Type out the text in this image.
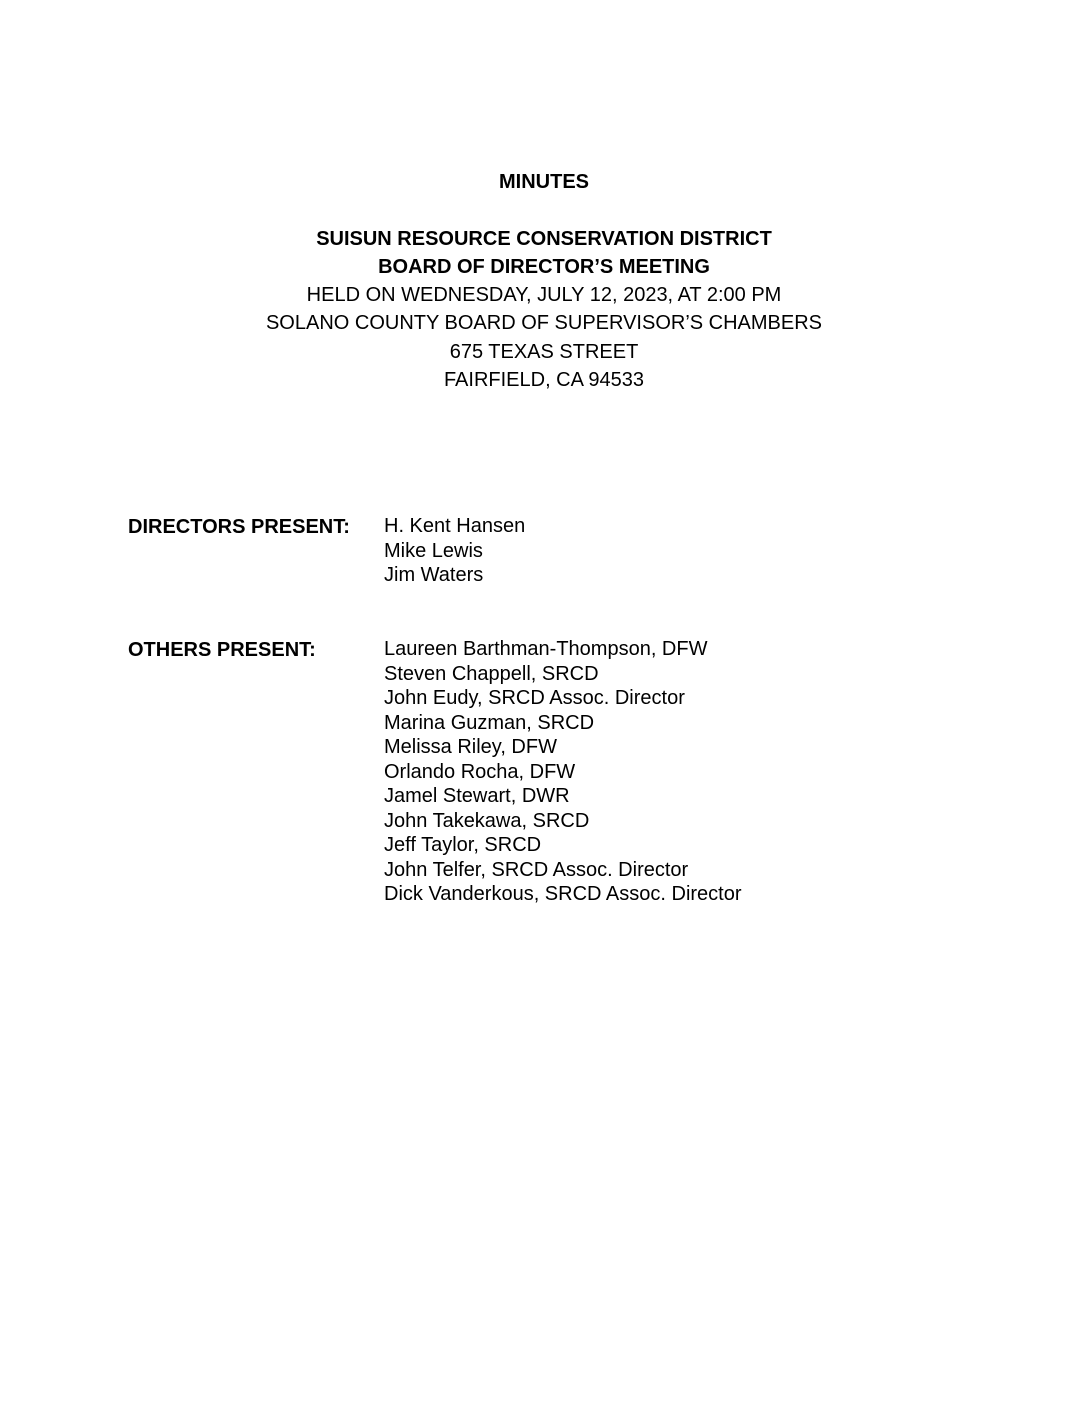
MINUTES
SUISUN RESOURCE CONSERVATION DISTRICT
BOARD OF DIRECTOR’S MEETING
HELD ON WEDNESDAY, JULY 12, 2023, AT 2:00 PM
SOLANO COUNTY BOARD OF SUPERVISOR’S CHAMBERS
675 TEXAS STREET
FAIRFIELD, CA 94533
DIRECTORS PRESENT: H. Kent Hansen
Mike Lewis
Jim Waters
OTHERS PRESENT:	Laureen Barthman-Thompson, DFW
Steven Chappell, SRCD
John Eudy, SRCD Assoc. Director
Marina Guzman, SRCD
Melissa Riley, DFW
Orlando Rocha, DFW
Jamel Stewart, DWR
John Takekawa, SRCD
Jeff Taylor, SRCD
John Telfer, SRCD Assoc. Director
Dick Vanderkous, SRCD Assoc. Director
